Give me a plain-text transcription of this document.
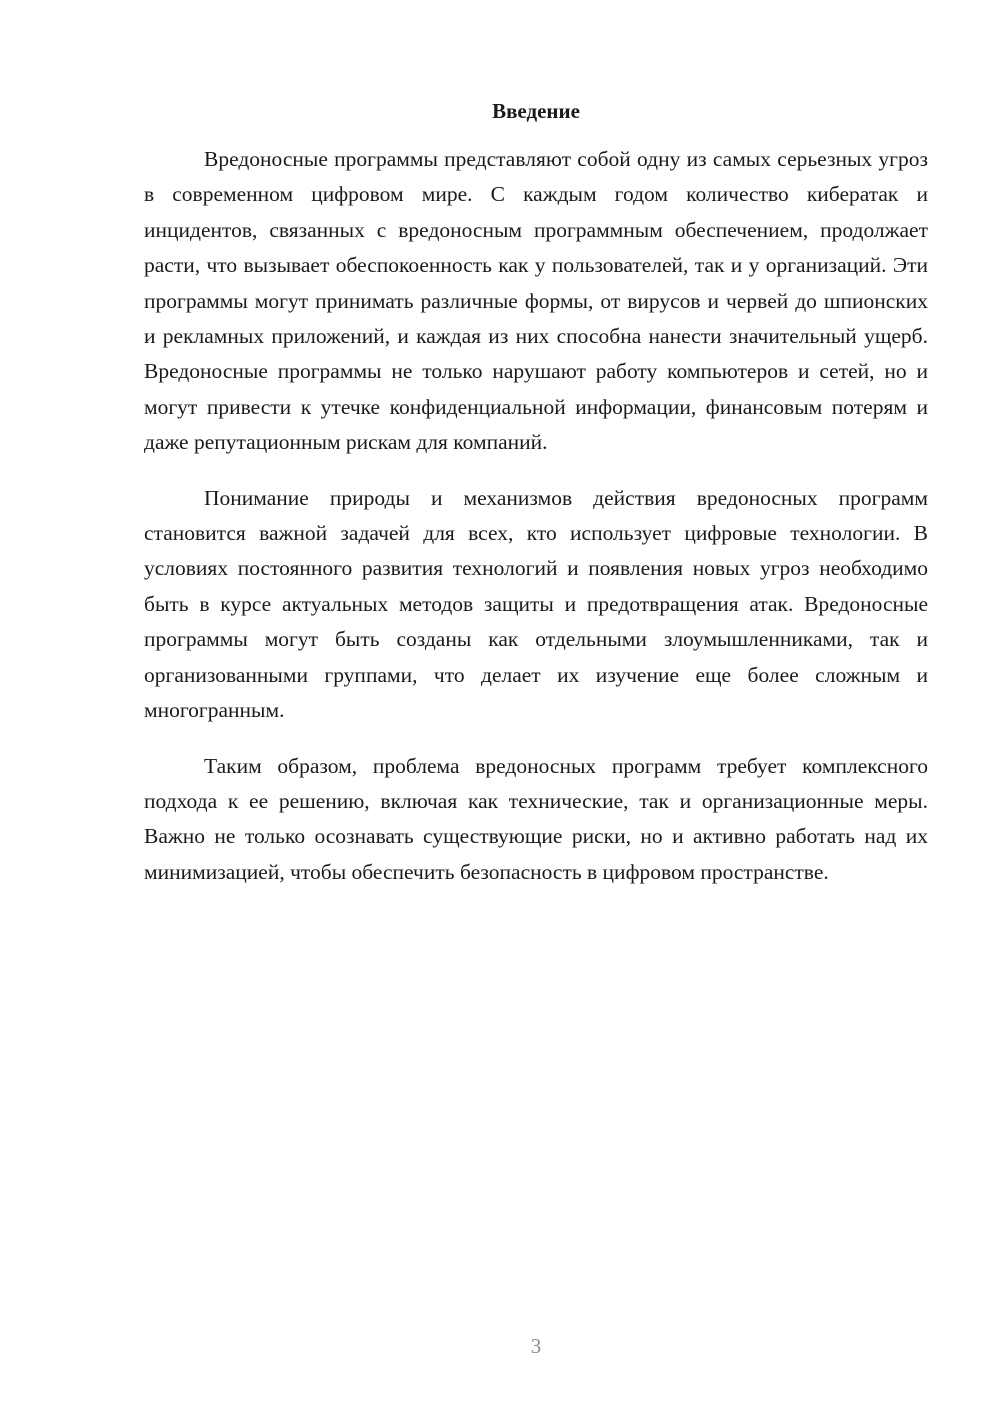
Введение

Вредоносные программы представляют собой одну из самых серьезных угроз в современном цифровом мире. С каждым годом количество кибератак и инцидентов, связанных с вредоносным программным обеспечением, продолжает расти, что вызывает обеспокоенность как у пользователей, так и у организаций. Эти программы могут принимать различные формы, от вирусов и червей до шпионских и рекламных приложений, и каждая из них способна нанести значительный ущерб. Вредоносные программы не только нарушают работу компьютеров и сетей, но и могут привести к утечке конфиденциальной информации, финансовым потерям и даже репутационным рискам для компаний.

Понимание природы и механизмов действия вредоносных программ становится важной задачей для всех, кто использует цифровые технологии. В условиях постоянного развития технологий и появления новых угроз необходимо быть в курсе актуальных методов защиты и предотвращения атак. Вредоносные программы могут быть созданы как отдельными злоумышленниками, так и организованными группами, что делает их изучение еще более сложным и многогранным.

Таким образом, проблема вредоносных программ требует комплексного подхода к ее решению, включая как технические, так и организационные меры. Важно не только осознавать существующие риски, но и активно работать над их минимизацией, чтобы обеспечить безопасность в цифровом пространстве.

3
